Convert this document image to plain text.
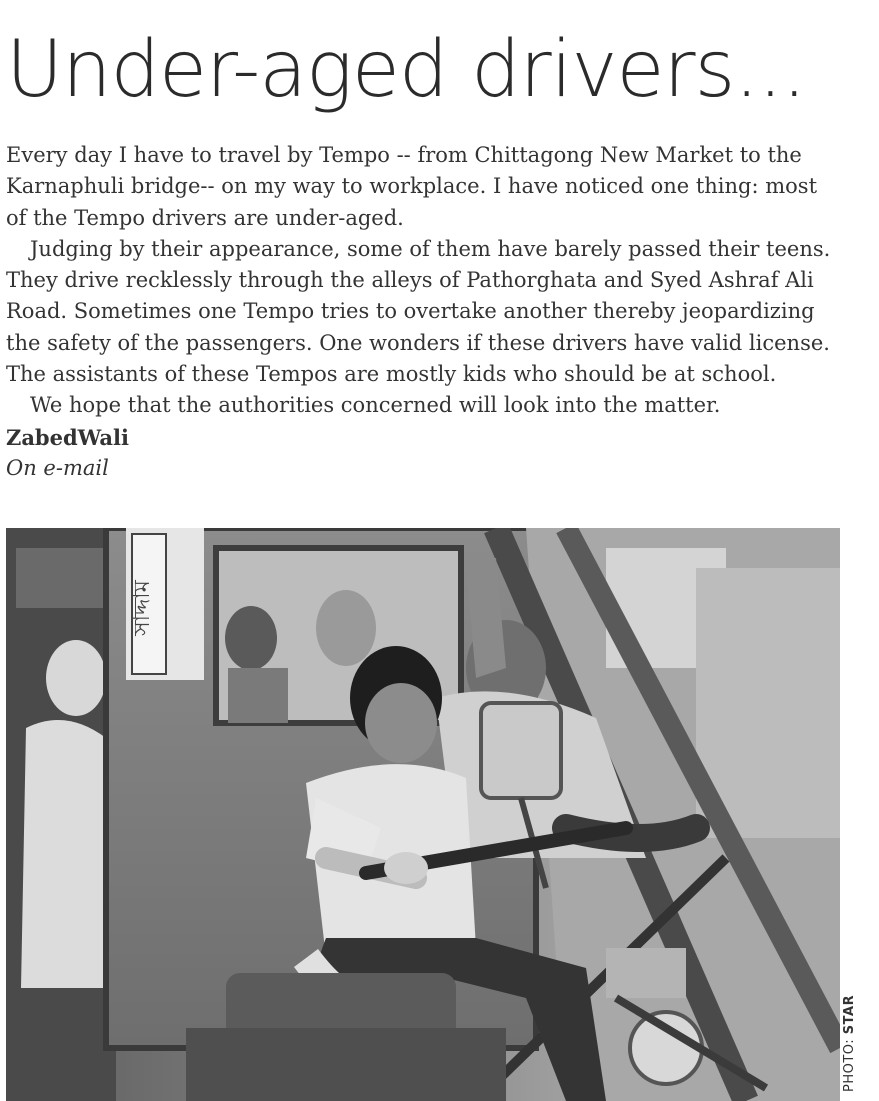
Under-aged drivers...

Every day I have to travel by Tempo -- from Chittagong New Market to the Karnaphuli bridge-- on my way to workplace. I have noticed one thing: most of the Tempo drivers are under-aged.

Judging by their appearance, some of them have barely passed their teens. They drive recklessly through the alleys of Pathorghata and Syed Ashraf Ali Road. Sometimes one Tempo tries to overtake another thereby jeopardizing the safety of the passengers. One wonders if these drivers have valid license. The assistants of these Tempos are mostly kids who should be at school.

We hope that the authorities concerned will look into the matter.

ZabedWali
On e-mail
সাদ্দাম
PHOTO: STAR
